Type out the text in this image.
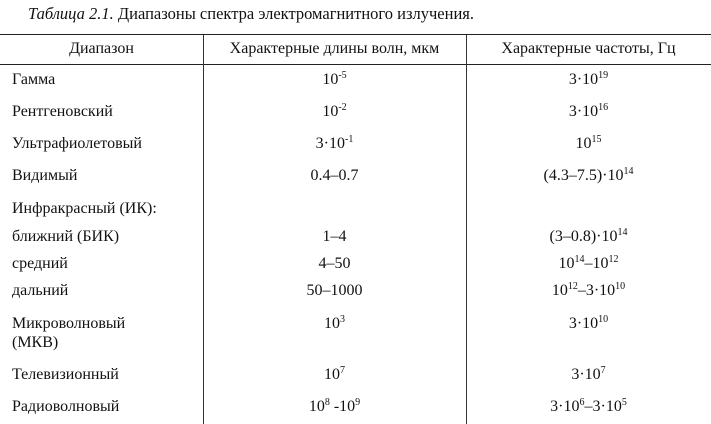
Таблица 2.1. Диапазоны спектра электромагнитного излучения.
Диапазон	Характерные длины волн, мкм	Характерные частоты, Гц
Гамма	$10^{-5}$	$3\cdot 10^{19}$
Рентгеновский	$10^{-2}$	$3\cdot 10^{16}$
Ультрафиолетовый	$3\cdot 10^{-1}$	$10^{15}$
Видимый	0.4–0.7	$(4.3-7.5)\cdot 10^{14}$
Инфракрасный (ИК):
ближний (БИК)	1–4	$(3-0.8)\cdot 10^{14}$
средний	4–50	$10^{14}-10^{12}$
дальний	50–1000	$10^{12}-3\cdot 10^{10}$
Микроволновый	$10^3$	$3\cdot 10^{10}$
(МКВ)
Телевизионный	$10^7$	$3\cdot 10^7$
Радиоволновый	$10^8$ $-10^9$	$3\cdot 10^6-3\cdot 10^5$
